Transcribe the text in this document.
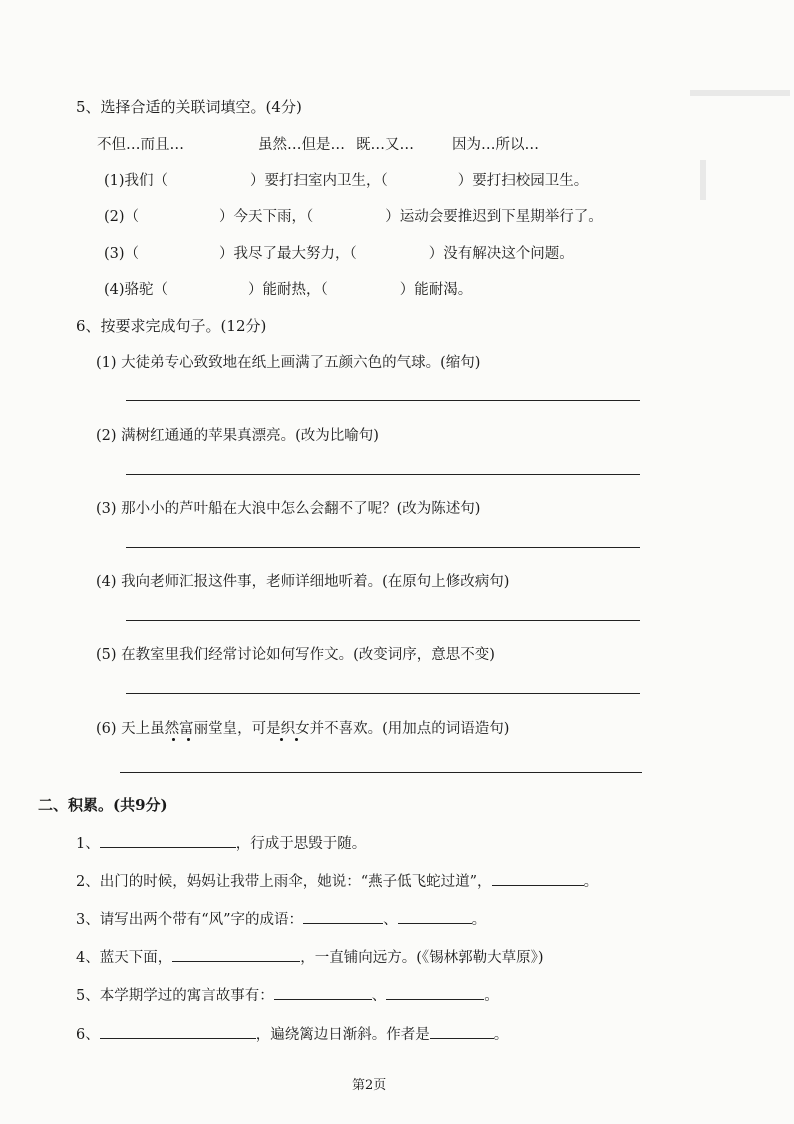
5、选择合适的关联词填空。(4分)
不但…而且…	虽然…但是… 既…又…	因为…所以…
(1)我们（	）要打扫室内卫生，（	）要打扫校园卫生。
(2)（	）今天下雨，（	）运动会要推迟到下星期举行了。
(3)（	）我尽了最大努力，（	）没有解决这个问题。
(4)骆驼（	）能耐热，（	）能耐渴。
6、按要求完成句子。(12分)
(1) 大徒弟专心致致地在纸上画满了五颜六色的气球。(缩句)
(2) 满树红通通的苹果真漂亮。(改为比喻句)
(3) 那小小的芦叶船在大浪中怎么会翻不了呢？(改为陈述句)
(4) 我向老师汇报这件事，老师详细地听着。(在原句上修改病句)
(5) 在教室里我们经常讨论如何写作文。(改变词序，意思不变)
(6) 天上虽然富丽堂皇，可是织女并不喜欢。(用加点的词语造句)
二、积累。(共9分)
1、	，行成于思毁于随。
2、出门的时候，妈妈让我带上雨伞，她说：“燕子低飞蛇过道”，	。
3、请写出两个带有“风”字的成语：	、	。
4、蓝天下面，	，一直铺向远方。(《锡林郭勒大草原》)
5、本学期学过的寓言故事有：	、	。
6、	，遍绕篱边日渐斜。作者是	。
第2页
